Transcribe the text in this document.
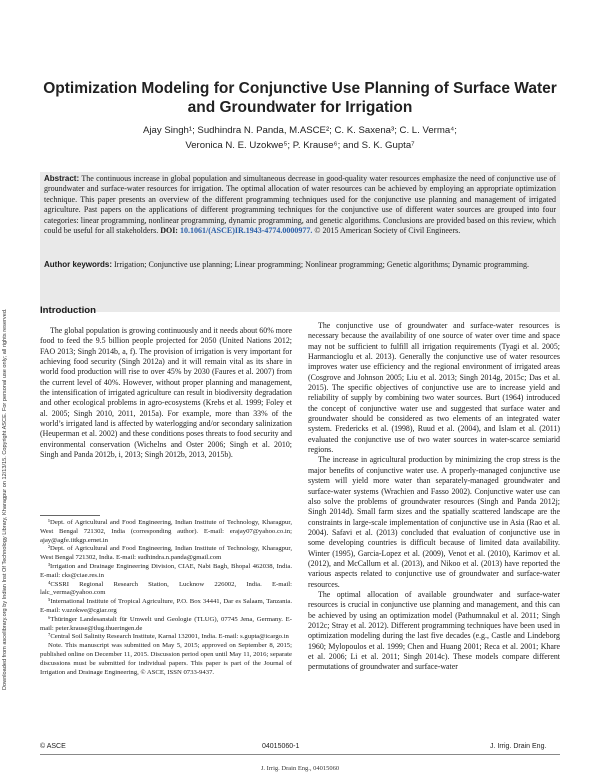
Downloaded from ascelibrary.org by Indian Inst Of Technology Library, Kharagpur on 12/13/15. Copyright ASCE. For personal use only; all rights reserved.
Optimization Modeling for Conjunctive Use Planning of Surface Water and Groundwater for Irrigation
Ajay Singh¹; Sudhindra N. Panda, M.ASCE²; C. K. Saxena³; C. L. Verma⁴;
Veronica N. E. Uzokwe⁵; P. Krause⁶; and S. K. Gupta⁷
Abstract: The continuous increase in global population and simultaneous decrease in good-quality water resources emphasize the need of conjunctive use of groundwater and surface-water resources for irrigation. The optimal allocation of water resources can be achieved by employing an appropriate optimization technique. This paper presents an overview of the different programming techniques used for the conjunctive use planning and management of irrigated agriculture. Past papers on the applications of different programming techniques for the conjunctive use of different water sources are grouped into four categories: linear programming, nonlinear programming, dynamic programming, and genetic algorithms. Conclusions are provided based on this review, which could be useful for all stakeholders. DOI: 10.1061/(ASCE)IR.1943-4774.0000977. © 2015 American Society of Civil Engineers.
Author keywords: Irrigation; Conjunctive use planning; Linear programming; Nonlinear programming; Genetic algorithms; Dynamic programming.
Introduction

The global population is growing continuously and it needs about 60% more food to feed the 9.5 billion people projected for 2050 (United Nations 2012; FAO 2013; Singh 2014b, a, f). The provision of irrigation is very important for achieving food security (Singh 2012a) and it will remain vital as its share in world food production will rise to over 45% by 2030 (Faures et al. 2007) from the current level of 40%. However, without proper planning and management, the intensification of irrigated agriculture can result in biodiversity degradation and other ecological problems in agro-ecosystems (Krebs et al. 1999; Foley et al. 2005; Singh 2010, 2011, 2015a). For example, more than 33% of the world’s irrigated land is affected by waterlogging and/or secondary salinization (Heuperman et al. 2002) and these conditions poses threats to food security and environmental conservation (Wichelns and Oster 2006; Singh et al. 2010; Singh and Panda 2012b, i, 2013; Singh 2012b, 2013, 2015b).

¹Dept. of Agricultural and Food Engineering, Indian Institute of Technology, Kharagpur, West Bengal 721302, India (corresponding author). E-mail: erajay07@yahoo.co.in; ajay@agfe.iitkgp.ernet.in

²Dept. of Agricultural and Food Engineering, Indian Institute of Technology, Kharagpur, West Bengal 721302, India. E-mail: sudhindra.n.panda@gmail.com

³Irrigation and Drainage Engineering Division, CIAE, Nabi Bagh, Bhopal 462038, India. E-mail: cks@ciae.res.in

⁴CSSRI Regional Research Station, Lucknow 226002, India. E-mail: lalc_verma@yahoo.com

⁵International Institute of Tropical Agriculture, P.O. Box 34441, Dar es Salaam, Tanzania. E-mail: v.uzokwe@cgiar.org

⁶Thüringer Landesanstalt für Umwelt und Geologie (TLUG), 07745 Jena, Germany. E-mail: peter.krause@tlug.thueringen.de

⁷Central Soil Salinity Research Institute, Karnal 132001, India. E-mail: s.gupta@icargo.in

Note. This manuscript was submitted on May 5, 2015; approved on September 8, 2015; published online on December 11, 2015. Discussion period open until May 11, 2016; separate discussions must be submitted for individual papers. This paper is part of the Journal of Irrigation and Drainage Engineering, © ASCE, ISSN 0733-9437.

The conjunctive use of groundwater and surface-water resources is necessary because the availability of one source of water over time and space may not be sufficient to fulfill all irrigation requirements (Tyagi et al. 2005; Harmancioglu et al. 2013). Generally the conjunctive use of water resources improves water use efficiency and the regional environment of irrigated areas (Cosgrove and Johnson 2005; Liu et al. 2013; Singh 2014g, 2015c; Das et al. 2015). The specific objectives of conjunctive use are to increase yield and reliability of supply by combining two water sources. Burt (1964) introduced the concept of conjunctive water use and suggested that surface water and groundwater should be considered as two elements of an integrated water system. Fredericks et al. (1998), Ruud et al. (2004), and Islam et al. (2011) evaluated the conjunctive use of two water sources in water-scarce semiarid regions.

The increase in agricultural production by minimizing the crop stress is the major benefits of conjunctive water use. A properly-managed conjunctive use system will yield more water than separately-managed groundwater and surface-water systems (Wrachien and Fasso 2002). Conjunctive water use can also solve the problems of groundwater resources (Singh and Panda 2012j; Singh 2014d). Small farm sizes and the spatially scattered landscape are the constraints in large-scale implementation of conjunctive use in Asia (Rao et al. 2004). Safavi et al. (2013) concluded that evaluation of conjunctive use in some developing countries is difficult because of limited data availability. Winter (1995), Garcia-Lopez et al. (2009), Venot et al. (2010), Karimov et al. (2012), and McCallum et al. (2013), and Nikoo et al. (2013) have reported the various aspects related to conjunctive use of groundwater and surface-water resources.

The optimal allocation of available groundwater and surface-water resources is crucial in conjunctive use planning and management, and this can be achieved by using an optimization model (Pathumnakul et al. 2011; Singh 2012c; Stray et al. 2012). Different programming techniques have been used in optimization modeling during the last five decades (e.g., Castle and Lindeborg 1960; Mylopoulos et al. 1999; Chen and Huang 2001; Reca et al. 2001; Khare et al. 2006; Li et al. 2011; Singh 2014c). These models compare different permutations of groundwater and surface-water

© ASCE	04015060-1	J. Irrig. Drain Eng.
J. Irrig. Drain Eng., 04015060
